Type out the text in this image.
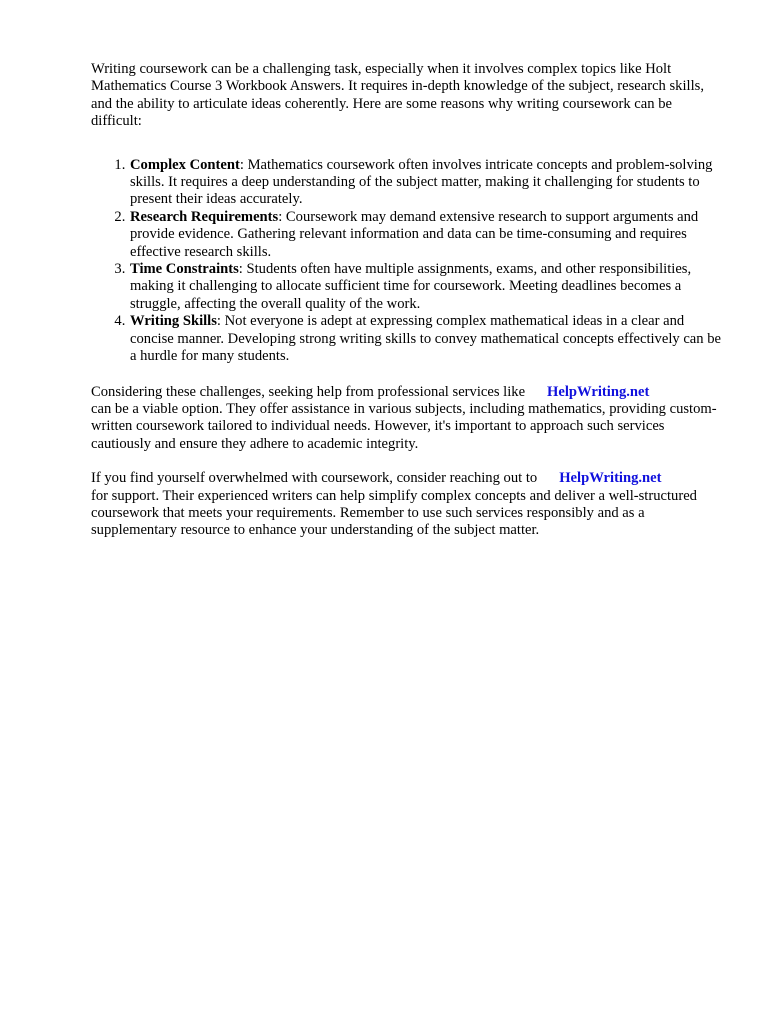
Writing coursework can be a challenging task, especially when it involves complex topics like Holt Mathematics Course 3 Workbook Answers. It requires in-depth knowledge of the subject, research skills, and the ability to articulate ideas coherently. Here are some reasons why writing coursework can be difficult:

1. Complex Content: Mathematics coursework often involves intricate concepts and problem-solving skills. It requires a deep understanding of the subject matter, making it challenging for students to present their ideas accurately.
2. Research Requirements: Coursework may demand extensive research to support arguments and provide evidence. Gathering relevant information and data can be time-consuming and requires effective research skills.
3. Time Constraints: Students often have multiple assignments, exams, and other responsibilities, making it challenging to allocate sufficient time for coursework. Meeting deadlines becomes a struggle, affecting the overall quality of the work.
4. Writing Skills: Not everyone is adept at expressing complex mathematical ideas in a clear and concise manner. Developing strong writing skills to convey mathematical concepts effectively can be a hurdle for many students.

Considering these challenges, seeking help from professional services like HelpWriting.net
can be a viable option. They offer assistance in various subjects, including mathematics, providing custom-written coursework tailored to individual needs. However, it's important to approach such services cautiously and ensure they adhere to academic integrity.

If you find yourself overwhelmed with coursework, consider reaching out to HelpWriting.net
for support. Their experienced writers can help simplify complex concepts and deliver a well-structured coursework that meets your requirements. Remember to use such services responsibly and as a supplementary resource to enhance your understanding of the subject matter.
